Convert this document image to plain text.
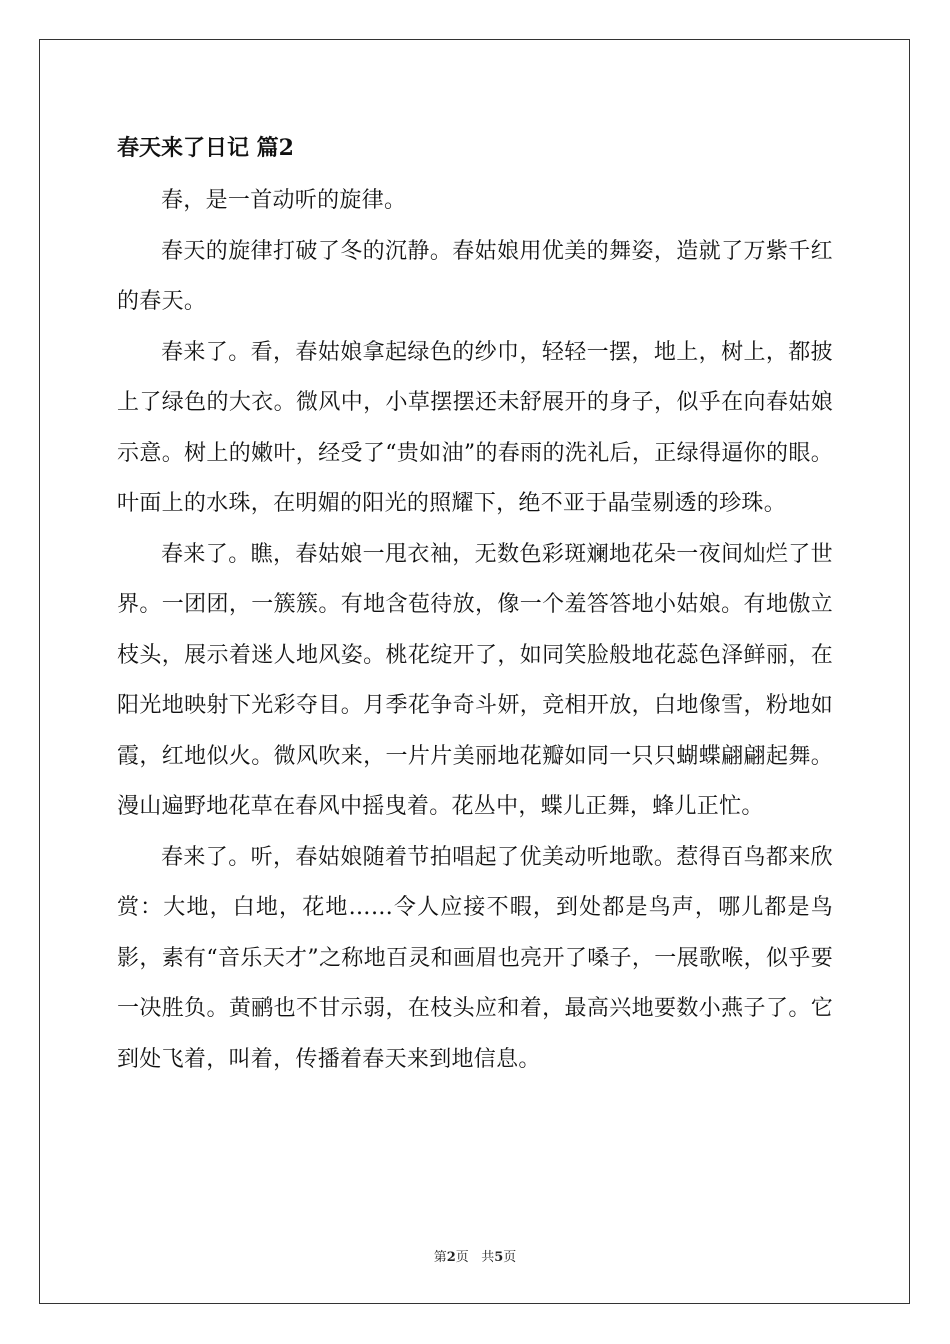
春天来了日记 篇2

春，是一首动听的旋律。

春天的旋律打破了冬的沉静。春姑娘用优美的舞姿，造就了万紫千红的春天。

春来了。看，春姑娘拿起绿色的纱巾，轻轻一摆，地上，树上，都披上了绿色的大衣。微风中，小草摆摆还未舒展开的身子，似乎在向春姑娘示意。树上的嫩叶，经受了“贵如油”的春雨的洗礼后，正绿得逼你的眼。叶面上的水珠，在明媚的阳光的照耀下，绝不亚于晶莹剔透的珍珠。

春来了。瞧，春姑娘一甩衣袖，无数色彩斑斓地花朵一夜间灿烂了世界。一团团，一簇簇。有地含苞待放，像一个羞答答地小姑娘。有地傲立枝头，展示着迷人地风姿。桃花绽开了，如同笑脸般地花蕊色泽鲜丽，在阳光地映射下光彩夺目。月季花争奇斗妍，竞相开放，白地像雪，粉地如霞，红地似火。微风吹来，一片片美丽地花瓣如同一只只蝴蝶翩翩起舞。漫山遍野地花草在春风中摇曳着。花丛中，蝶儿正舞，蜂儿正忙。

春来了。听，春姑娘随着节拍唱起了优美动听地歌。惹得百鸟都来欣赏：大地，白地，花地……令人应接不暇，到处都是鸟声，哪儿都是鸟影，素有“音乐天才”之称地百灵和画眉也亮开了嗓子，一展歌喉，似乎要一决胜负。黄鹂也不甘示弱，在枝头应和着，最高兴地要数小燕子了。它到处飞着，叫着，传播着春天来到地信息。

第2页 共5页
